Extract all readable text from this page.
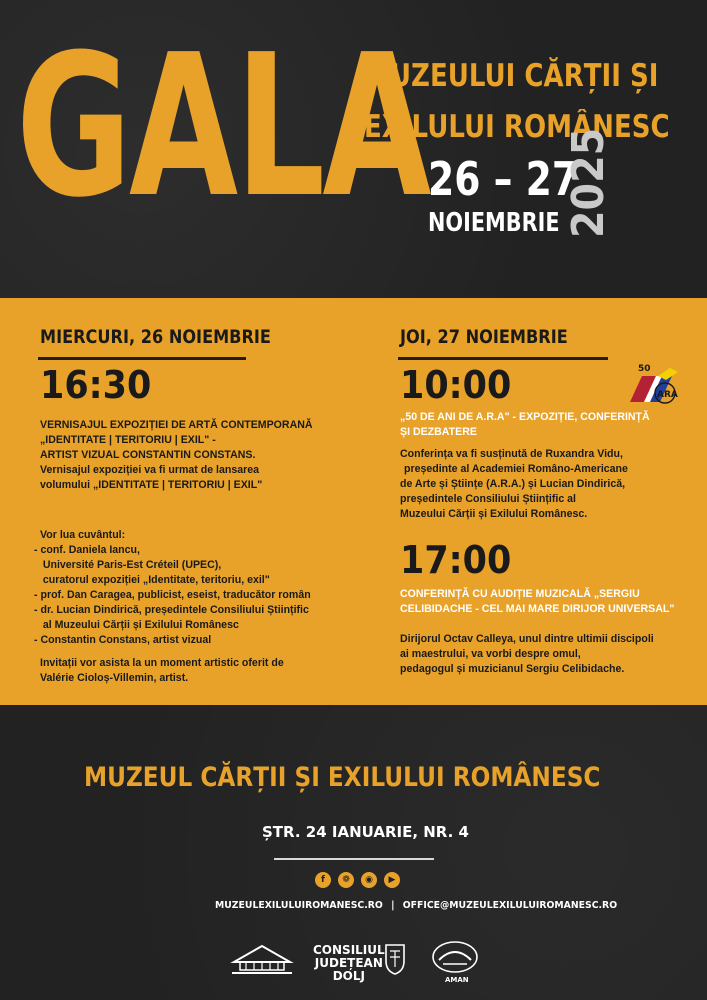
GALA
MUZEULUI CĂRȚII ȘI
EXILULUI ROMÂNESC
26 – 27
NOIEMBRIE 2025
MIERCURI, 26 NOIEMBRIE
16:30
VERNISAJUL EXPOZIȚIEI DE ARTĂ CONTEMPORANĂ
„IDENTITATE | TERITORIU | EXIL" -
ARTIST VIZUAL CONSTANTIN CONSTANS.
Vernisajul expoziției va fi urmat de lansarea
volumului „IDENTITATE | TERITORIU | EXIL"
Vor lua cuvântul:
- conf. Daniela Iancu,
Université Paris-Est Créteil (UPEC),
curatorul expoziției „Identitate, teritoriu, exil"
- prof. Dan Caragea, publicist, eseist, traducător român
- dr. Lucian Dindirică, președintele Consiliului Științific
al Muzeului Cărții și Exilului Românesc
- Constantin Constans, artist vizual
Invitații vor asista la un moment artistic oferit de
Valérie Cioloș-Villemin, artist.
JOI, 27 NOIEMBRIE
10:00	50
ARA
„50 DE ANI DE A.R.A" - EXPOZIȚIE, CONFERINȚĂ
ȘI DEZBATERE
Conferința va fi susținută de Ruxandra Vidu,
președinte al Academiei Româno-Americane
de Arte și Științe (A.R.A.) și Lucian Dindirică,
președintele Consiliului Științific al
Muzeului Cărții și Exilului Românesc.
17:00
CONFERINȚĂ CU AUDIȚIE MUZICALĂ „SERGIU
CELIBIDACHE - CEL MAI MARE DIRIJOR UNIVERSAL"
Dirijorul Octav Calleya, unul dintre ultimii discipoli
ai maestrului, va vorbi despre omul,
pedagogul și muzicianul Sergiu Celibidache.
MUZEUL CĂRȚII ȘI EXILULUI ROMÂNESC
ȘTR. 24 IANUARIE, NR. 4
f	❁	◉	▶
MUZEULEXILULUIROMANESC.RO | OFFICE@MUZEULEXILULUIROMANESC.RO
CONSILIUL
JUDEȚEAN
DOLJ	AMAN
